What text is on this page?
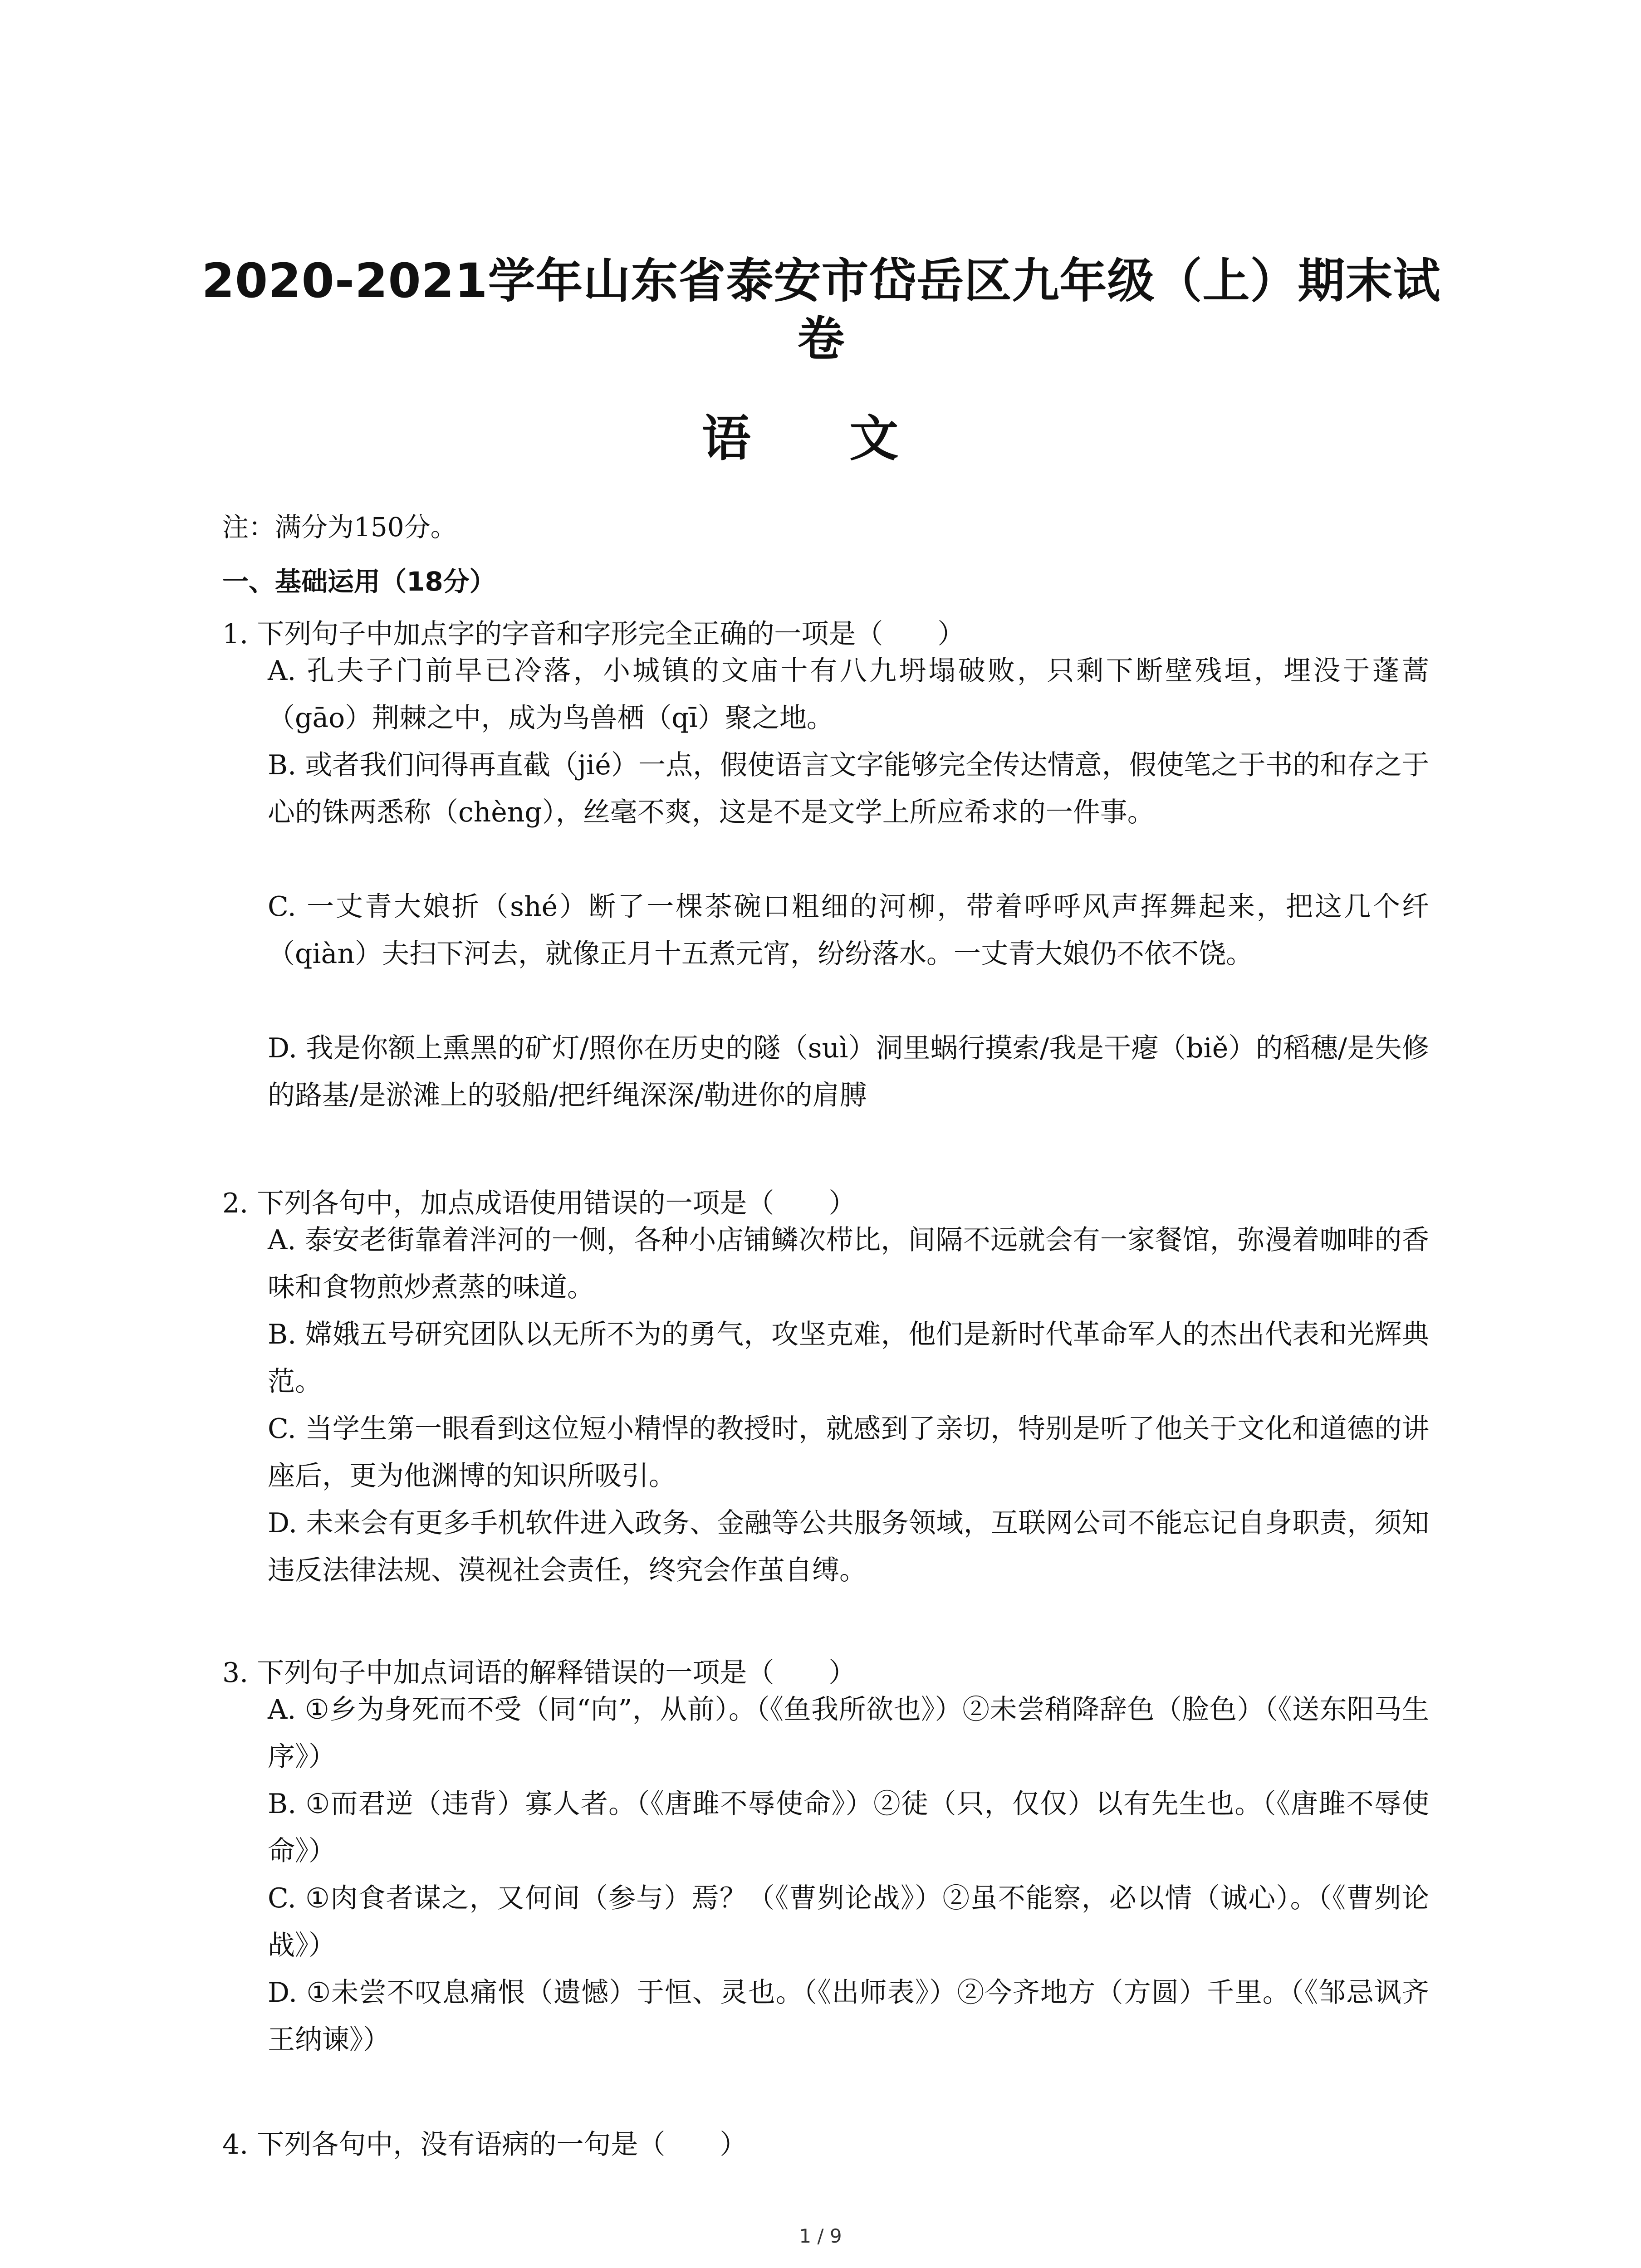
2020-2021学年山东省泰安市岱岳区九年级（上）期末试卷
语 文
注：满分为150分。
一、基础运用（18分）
1. 下列句子中加点字的字音和字形完全正确的一项是（　　）
A. 孔夫子门前早已冷落，小城镇的文庙十有八九坍塌破败，只剩下断壁残垣，埋没于蓬蒿（gāo）荆棘之中，成为鸟兽栖（qī）聚之地。
B. 或者我们问得再直截（jié）一点，假使语言文字能够完全传达情意，假使笔之于书的和存之于心的铢两悉称（chèng），丝毫不爽，这是不是文学上所应希求的一件事。
C. 一丈青大娘折（shé）断了一棵茶碗口粗细的河柳，带着呼呼风声挥舞起来，把这几个纤（qiàn）夫扫下河去，就像正月十五煮元宵，纷纷落水。一丈青大娘仍不依不饶。
D. 我是你额上熏黑的矿灯/照你在历史的隧（suì）洞里蜗行摸索/我是干瘪（biě）的稻穗/是失修的路基/是淤滩上的驳船/把纤绳深深/勒进你的肩膊
2. 下列各句中，加点成语使用错误的一项是（　　）
A. 泰安老街靠着泮河的一侧，各种小店铺鳞次栉比，间隔不远就会有一家餐馆，弥漫着咖啡的香味和食物煎炒煮蒸的味道。
B. 嫦娥五号研究团队以无所不为的勇气，攻坚克难，他们是新时代革命军人的杰出代表和光辉典范。
C. 当学生第一眼看到这位短小精悍的教授时，就感到了亲切，特别是听了他关于文化和道德的讲座后，更为他渊博的知识所吸引。
D. 未来会有更多手机软件进入政务、金融等公共服务领域，互联网公司不能忘记自身职责，须知违反法律法规、漠视社会责任，终究会作茧自缚。
3. 下列句子中加点词语的解释错误的一项是（　　）
A. ①乡为身死而不受（同“向”，从前）。（《鱼我所欲也》）②未尝稍降辞色（脸色）（《送东阳马生序》）
B. ①而君逆（违背）寡人者。（《唐雎不辱使命》）②徒（只，仅仅）以有先生也。（《唐雎不辱使命》）
C. ①肉食者谋之，又何间（参与）焉？（《曹刿论战》）②虽不能察，必以情（诚心）。（《曹刿论战》）
D. ①未尝不叹息痛恨（遗憾）于恒、灵也。（《出师表》）②今齐地方（方圆）千里。（《邹忌讽齐王纳谏》）
4. 下列各句中，没有语病的一句是（　　）
1 / 9
